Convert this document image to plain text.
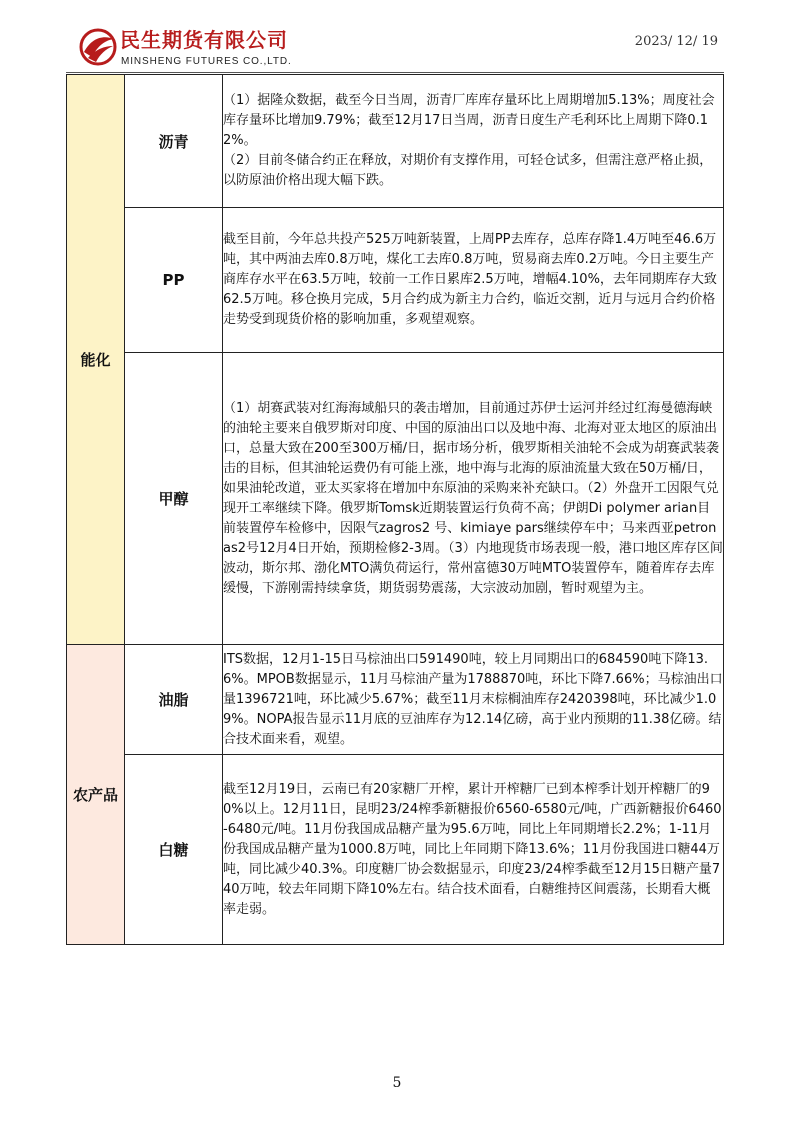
民生期货有限公司
MINSHENG FUTURES CO.,LTD.
2023/ 12/ 19
能化	沥青	（1）据隆众数据，截至今日当周，沥青厂库库存量环比上周期增加5.13%；周度社会库存量环比增加9.79%；截至12月17日当周，沥青日度生产毛利环比上周期下降0.12%。

（2）目前冬储合约正在释放，对期价有支撑作用，可轻仓试多，但需注意严格止损，以防原油价格出现大幅下跌。

	PP	截至目前，今年总共投产525万吨新装置，上周PP去库存，总库存降1.4万吨至46.6万吨，其中两油去库0.8万吨，煤化工去库0.8万吨，贸易商去库0.2万吨。今日主要生产商库存水平在63.5万吨，较前一工作日累库2.5万吨，增幅4.10%，去年同期库存大致62.5万吨。移仓换月完成，5月合约成为新主力合约，临近交割，近月与远月合约价格走势受到现货价格的影响加重，多观望观察。

	甲醇	（1）胡赛武装对红海海域船只的袭击增加，目前通过苏伊士运河并经过红海曼德海峡的油轮主要来自俄罗斯对印度、中国的原油出口以及地中海、北海对亚太地区的原油出口，总量大致在200至300万桶/日，据市场分析，俄罗斯相关油轮不会成为胡赛武装袭击的目标，但其油轮运费仍有可能上涨，地中海与北海的原油流量大致在50万桶/日，如果油轮改道，亚太买家将在增加中东原油的采购来补充缺口。（2）外盘开工因限气兑现开工率继续下降。俄罗斯Tomsk近期装置运行负荷不高；伊朗Di polymer arian目前装置停车检修中，因限气zagros2 号、kimiaye pars继续停车中；马来西亚petronas2号12月4日开始，预期检修2-3周。（3）内地现货市场表现一般，港口地区库存区间波动，斯尔邦、渤化MTO满负荷运行，常州富德30万吨MTO装置停车，随着库存去库缓慢，下游刚需持续拿货，期货弱势震荡，大宗波动加剧，暂时观望为主。

农产品	油脂	ITS数据，12月1-15日马棕油出口591490吨，较上月同期出口的684590吨下降13.6%。MPOB数据显示，11月马棕油产量为1788870吨，环比下降7.66%；马棕油出口量1396721吨，环比减少5.67%；截至11月末棕榈油库存2420398吨，环比减少1.09%。NOPA报告显示11月底的豆油库存为12.14亿磅，高于业内预期的11.38亿磅。结合技术面来看，观望。

	白糖	截至12月19日，云南已有20家糖厂开榨，累计开榨糖厂已到本榨季计划开榨糖厂的90%以上。12月11日，昆明23/24榨季新糖报价6560-6580元/吨，广西新糖报价6460-6480元/吨。11月份我国成品糖产量为95.6万吨，同比上年同期增长2.2%；1-11月份我国成品糖产量为1000.8万吨，同比上年同期下降13.6%；11月份我国进口糖44万吨，同比减少40.3%。印度糖厂协会数据显示，印度23/24榨季截至12月15日糖产量740万吨，较去年同期下降10%左右。结合技术面看，白糖维持区间震荡，长期看大概率走弱。

5
